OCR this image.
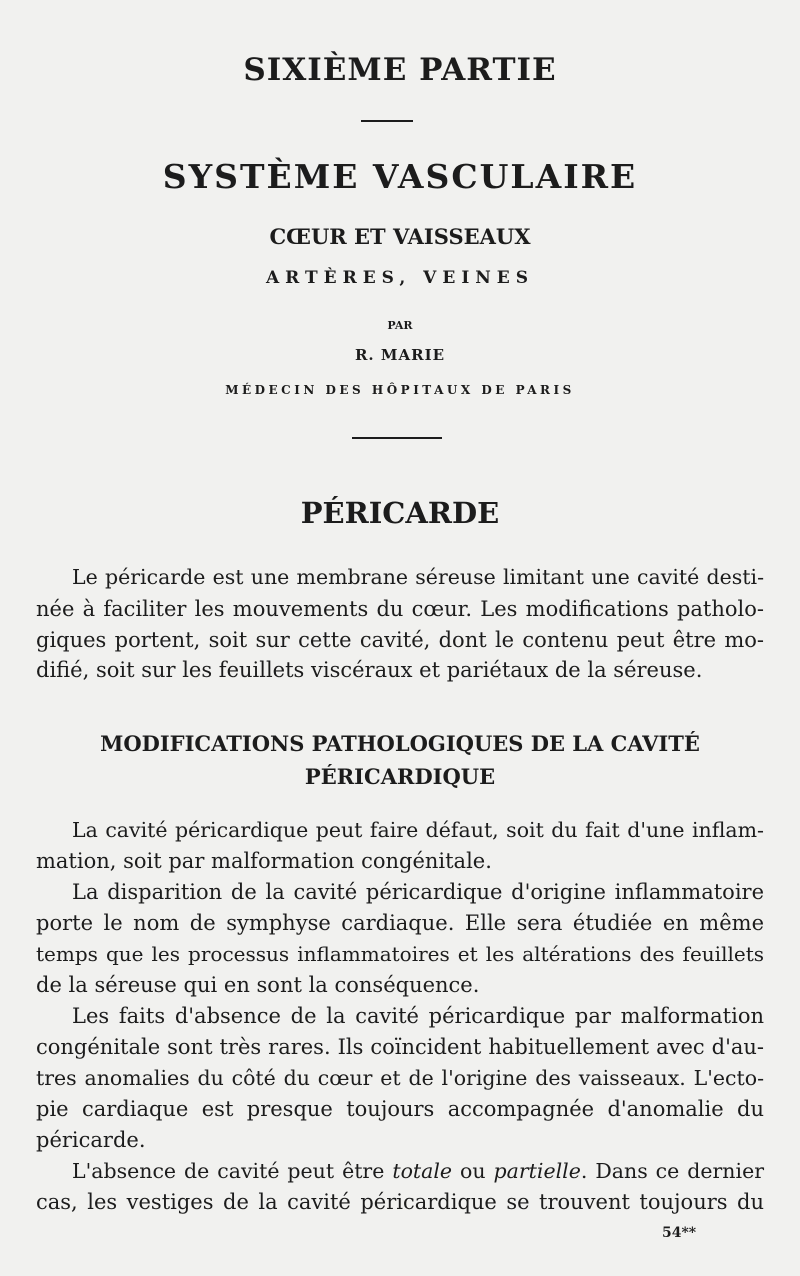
SIXIÈME PARTIE
SYSTÈME VASCULAIRE
CŒUR ET VAISSEAUX
ARTÈRES, VEINES
PAR
R. MARIE
MÉDECIN DES HÔPITAUX DE PARIS
PÉRICARDE
Le péricarde est une membrane séreuse limitant une cavité desti-
née à faciliter les mouvements du cœur. Les modifications patholo-
giques portent, soit sur cette cavité, dont le contenu peut être mo-
difié, soit sur les feuillets viscéraux et pariétaux de la séreuse.
MODIFICATIONS PATHOLOGIQUES DE LA CAVITÉ
PÉRICARDIQUE
La cavité péricardique peut faire défaut, soit du fait d'une inflam-
mation, soit par malformation congénitale.
La disparition de la cavité péricardique d'origine inflammatoire
porte le nom de symphyse cardiaque. Elle sera étudiée en même
temps que les processus inflammatoires et les altérations des feuillets
de la séreuse qui en sont la conséquence.
Les faits d'absence de la cavité péricardique par malformation
congénitale sont très rares. Ils coïncident habituellement avec d'au-
tres anomalies du côté du cœur et de l'origine des vaisseaux. L'ecto-
pie cardiaque est presque toujours accompagnée d'anomalie du
péricarde.
L'absence de cavité peut être totale ou partielle. Dans ce dernier
cas, les vestiges de la cavité péricardique se trouvent toujours du
54**
